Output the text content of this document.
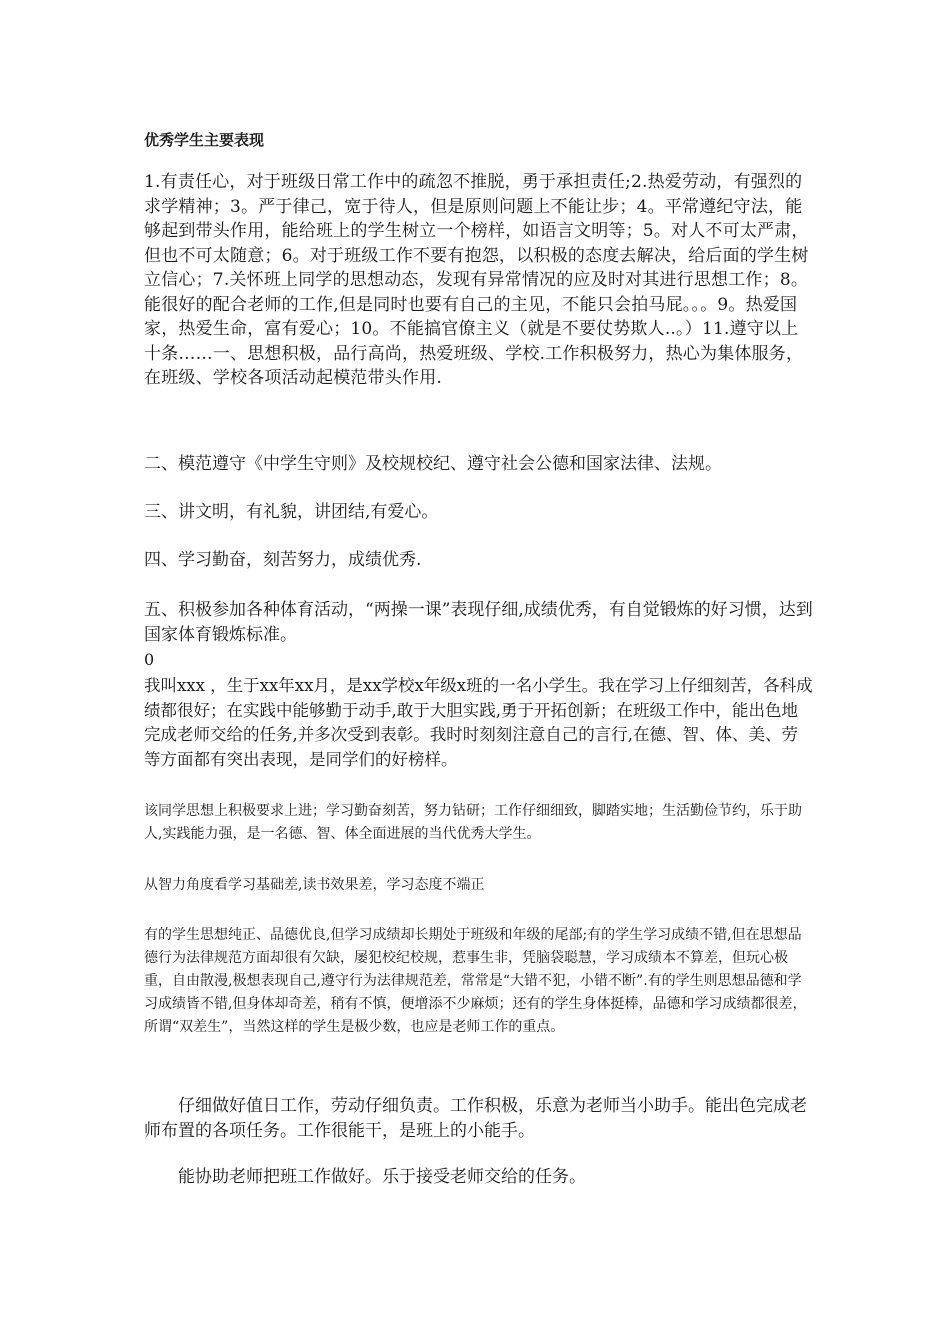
优秀学生主要表现

1.有责任心，对于班级日常工作中的疏忽不推脱，勇于承担责任;2.热爱劳动，有强烈的求学精神；3。严于律己，宽于待人，但是原则问题上不能让步；4。平常遵纪守法，能够起到带头作用，能给班上的学生树立一个榜样，如语言文明等；5。对人不可太严肃，但也不可太随意；6。对于班级工作不要有抱怨，以积极的态度去解决，给后面的学生树立信心；7.关怀班上同学的思想动态，发现有异常情况的应及时对其进行思想工作；8。能很好的配合老师的工作,但是同时也要有自己的主见，不能只会拍马屁。。。9。热爱国家，热爱生命，富有爱心；10。不能搞官僚主义（就是不要仗势欺人..。）11.遵守以上十条……一、思想积极，品行高尚，热爱班级、学校.工作积极努力，热心为集体服务，在班级、学校各项活动起模范带头作用.

二、模范遵守《中学生守则》及校规校纪、遵守社会公德和国家法律、法规。

三、讲文明，有礼貌，讲团结,有爱心。

四、学习勤奋，刻苦努力，成绩优秀.

五、积极参加各种体育活动，“两操一课”表现仔细,成绩优秀，有自觉锻炼的好习惯，达到国家体育锻炼标准。

0

我叫xxx ，生于xx年xx月，是xx学校x年级x班的一名小学生。我在学习上仔细刻苦，各科成绩都很好；在实践中能够勤于动手,敢于大胆实践,勇于开拓创新；在班级工作中，能出色地完成老师交给的任务,并多次受到表彰。我时时刻刻注意自己的言行,在德、智、体、美、劳等方面都有突出表现，是同学们的好榜样。

该同学思想上积极要求上进；学习勤奋刻苦，努力钻研；工作仔细细致，脚踏实地；生活勤俭节约，乐于助人,实践能力强，是一名德、智、体全面进展的当代优秀大学生。

从智力角度看学习基础差,读书效果差，学习态度不端正

有的学生思想纯正、品德优良,但学习成绩却长期处于班级和年级的尾部;有的学生学习成绩不错,但在思想品德行为法律规范方面却很有欠缺，屡犯校纪校规，惹事生非，凭脑袋聪慧，学习成绩本不算差，但玩心极重，自由散漫,极想表现自己,遵守行为法律规范差，常常是“大错不犯，小错不断”.有的学生则思想品德和学习成绩皆不错,但身体却奇差，稍有不慎，便增添不少麻烦；还有的学生身体挺棒，品德和学习成绩都很差，所谓“双差生”，当然这样的学生是极少数，也应是老师工作的重点。

仔细做好值日工作，劳动仔细负责。工作积极，乐意为老师当小助手。能出色完成老师布置的各项任务。工作很能干，是班上的小能手。

能协助老师把班工作做好。乐于接受老师交给的任务。
